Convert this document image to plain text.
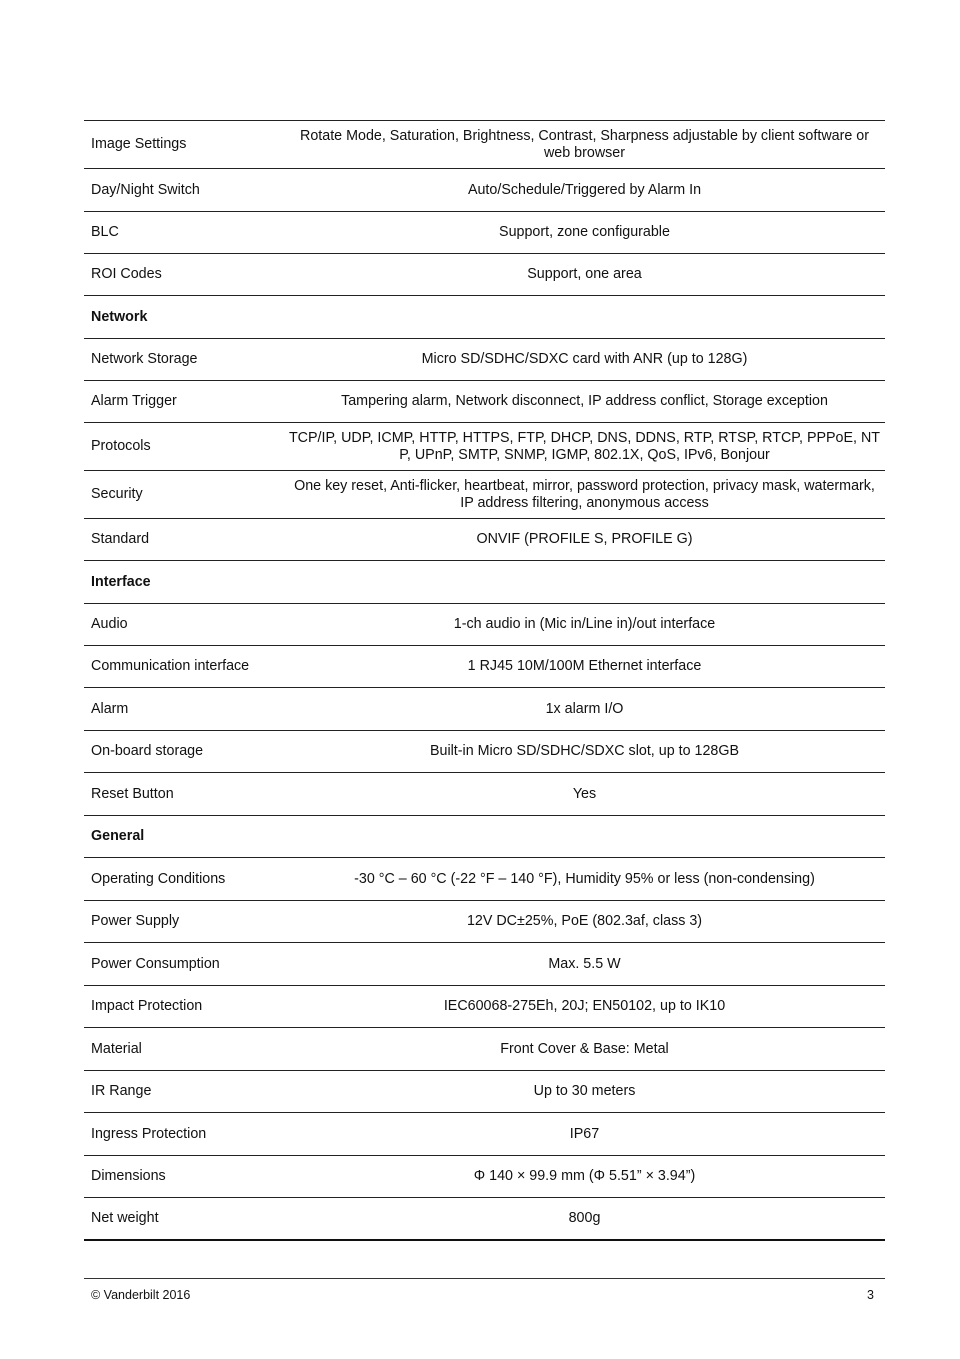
Image Settings	Rotate Mode, Saturation, Brightness, Contrast, Sharpness adjustable by client software or web browser
Day/Night Switch	Auto/Schedule/Triggered by Alarm In
BLC	Support, zone configurable
ROI Codes	Support, one area
Network	
Network Storage	Micro SD/SDHC/SDXC card with ANR (up to 128G)
Alarm Trigger	Tampering alarm, Network disconnect, IP address conflict, Storage exception
Protocols	TCP/IP, UDP, ICMP, HTTP, HTTPS, FTP, DHCP, DNS, DDNS, RTP, RTSP, RTCP, PPPoE, NTP, UPnP, SMTP, SNMP, IGMP, 802.1X, QoS, IPv6, Bonjour
Security	One key reset, Anti-flicker, heartbeat, mirror, password protection, privacy mask, watermark, IP address filtering, anonymous access
Standard	ONVIF (PROFILE S, PROFILE G)
Interface	
Audio	1-ch audio in (Mic in/Line in)/out interface
Communication interface	1 RJ45 10M/100M Ethernet interface
Alarm	1x alarm I/O
On-board storage	Built-in Micro SD/SDHC/SDXC slot, up to 128GB
Reset Button	Yes
General	
Operating Conditions	-30 °C – 60 °C (-22 °F – 140 °F), Humidity 95% or less (non-condensing)
Power Supply	12V DC±25%, PoE (802.3af, class 3)
Power Consumption	Max. 5.5 W
Impact Protection	IEC60068-275Eh, 20J; EN50102, up to IK10
Material	Front Cover & Base: Metal
IR Range	Up to 30 meters
Ingress Protection	IP67
Dimensions	Φ 140 × 99.9 mm (Φ 5.51” × 3.94”)
Net weight	800g
© Vanderbilt 2016	3
